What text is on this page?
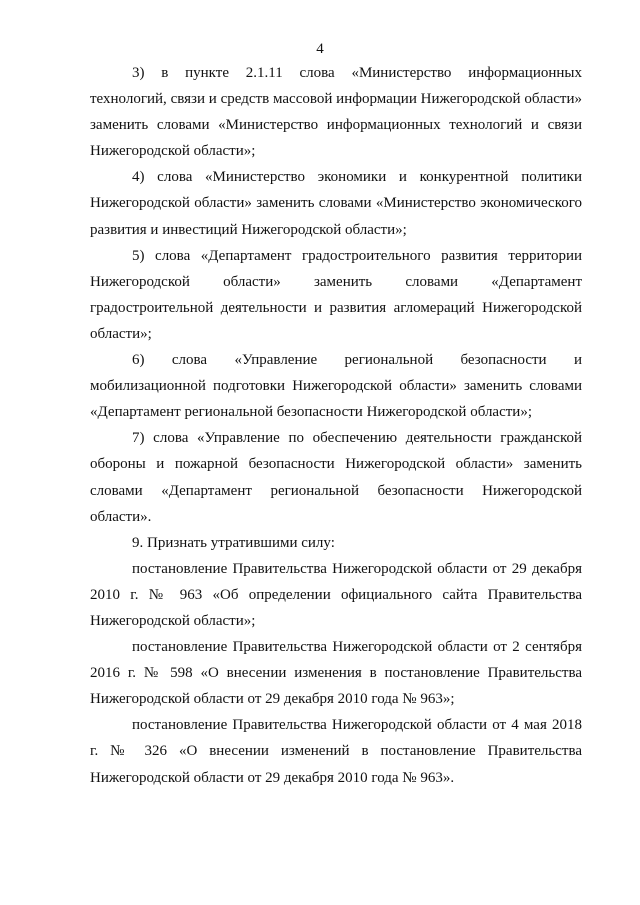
4

3) в пункте 2.1.11 слова «Министерство информационных технологий, связи и средств массовой информации Нижегородской области» заменить словами «Министерство информационных технологий и связи Нижегородской области»;

4) слова «Министерство экономики и конкурентной политики Нижегородской области» заменить словами «Министерство экономического развития и инвестиций Нижегородской области»;

5) слова «Департамент градостроительного развития территории Нижегородской области» заменить словами «Департамент градостроительной деятельности и развития агломераций Нижегородской области»;

6) слова «Управление региональной безопасности и мобилизационной подготовки Нижегородской области» заменить словами «Департамент региональной безопасности Нижегородской области»;

7) слова «Управление по обеспечению деятельности гражданской обороны и пожарной безопасности Нижегородской области» заменить словами «Департамент региональной безопасности Нижегородской области».

9. Признать утратившими силу:

постановление Правительства Нижегородской области от 29 декабря 2010 г. № 963 «Об определении официального сайта Правительства Нижегородской области»;

постановление Правительства Нижегородской области от 2 сентября 2016 г. № 598 «О внесении изменения в постановление Правительства Нижегородской области от 29 декабря 2010 года № 963»;

постановление Правительства Нижегородской области от 4 мая 2018 г. № 326 «О внесении изменений в постановление Правительства Нижегородской области от 29 декабря 2010 года № 963».
